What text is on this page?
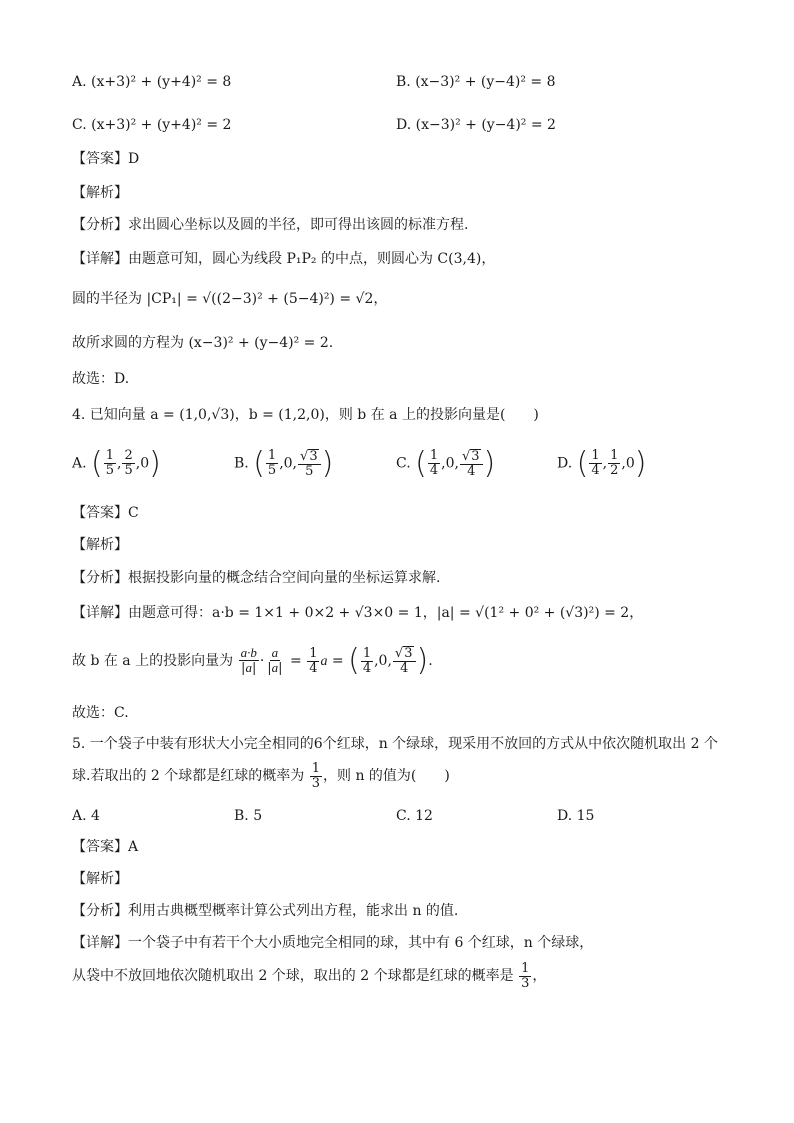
A. (x+3)² + (y+4)² = 8	B. (x−3)² + (y−4)² = 8
C. (x+3)² + (y+4)² = 2	D. (x−3)² + (y−4)² = 2
【答案】D
【解析】
【分析】求出圆心坐标以及圆的半径，即可得出该圆的标准方程.
【详解】由题意可知，圆心为线段 P₁P₂ 的中点，则圆心为 C(3,4)，
圆的半径为 |CP₁| = √((2−3)² + (5−4)²) = √2，
故所求圆的方程为 (x−3)² + (y−4)² = 2.
故选：D.
4. 已知向量 a = (1,0,√3)，b = (1,2,0)，则 b 在 a 上的投影向量是(　　)
A. ( $\frac{1}{5}$ , $\frac{2}{5} ,0$)	B. ( $\frac{1}{5} ,0$, $\frac{√3}{5}$ )	C. ( $\frac{1}{4} ,0$, $\frac{√3}{4}$ )	D. ( $\frac{1}{4}$ , $\frac{1}{2} ,0$)
【答案】C
【解析】
【分析】根据投影向量的概念结合空间向量的坐标运算求解.
【详解】由题意可得：a·b = 1×1 + 0×2 + √3×0 = 1，|a| = √(1² + 0² + (√3)²) = 2，
故 b 在 a 上的投影向量为 $\frac{a\cdot b}{|a|} \cdot \frac{a}{|a|} = \frac{1}{4}$ a = ( $\frac{1}{4} ,0$, $\frac{√3}{4}$ ).
故选：C.
5. 一个袋子中装有形状大小完全相同的6个红球，n 个绿球，现采用不放回的方式从中依次随机取出 2 个
球.若取出的 2 个球都是红球的概率为 $\frac{1}{3}$ ，则 n 的值为(　　)
A. 4	B. 5	C. 12	D. 15
【答案】A
【解析】
【分析】利用古典概型概率计算公式列出方程，能求出 n 的值.
【详解】一个袋子中有若干个大小质地完全相同的球，其中有 6 个红球，n 个绿球，
从袋中不放回地依次随机取出 2 个球，取出的 2 个球都是红球的概率是 $\frac{1}{3}$ ，
